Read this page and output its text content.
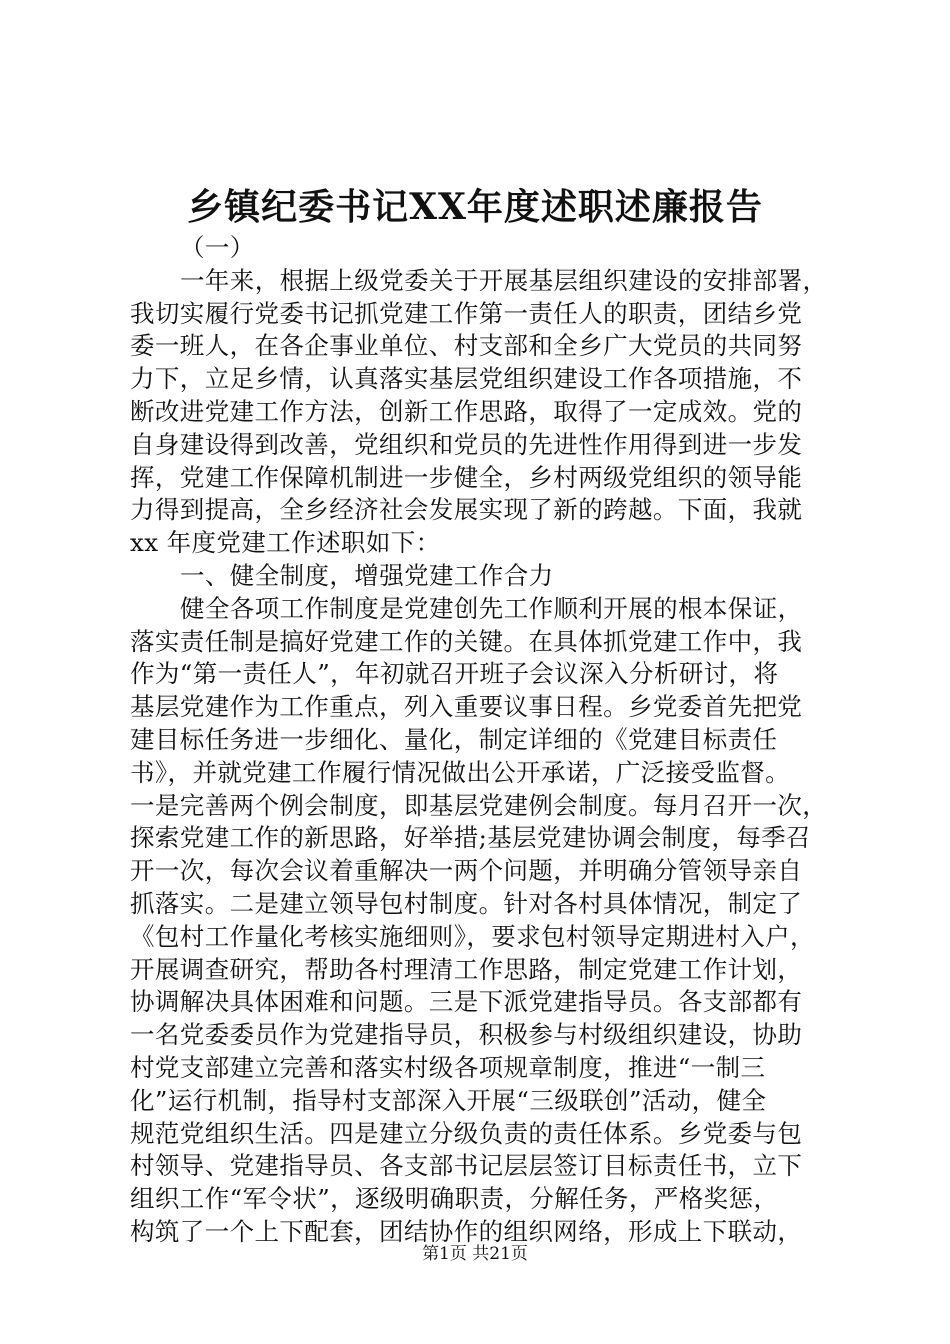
乡镇纪委书记XX年度述职述廉报告
（一）
一年来，根据上级党委关于开展基层组织建设的安排部署，
我切实履行党委书记抓党建工作第一责任人的职责，团结乡党
委一班人，在各企事业单位、村支部和全乡广大党员的共同努
力下，立足乡情，认真落实基层党组织建设工作各项措施，不
断改进党建工作方法，创新工作思路，取得了一定成效。党的
自身建设得到改善，党组织和党员的先进性作用得到进一步发
挥，党建工作保障机制进一步健全，乡村两级党组织的领导能
力得到提高，全乡经济社会发展实现了新的跨越。下面，我就
xx 年度党建工作述职如下：
一、健全制度，增强党建工作合力
健全各项工作制度是党建创先工作顺利开展的根本保证，
落实责任制是搞好党建工作的关键。在具体抓党建工作中，我
作为“第一责任人”，年初就召开班子会议深入分析研讨，将
基层党建作为工作重点，列入重要议事日程。乡党委首先把党
建目标任务进一步细化、量化，制定详细的《党建目标责任
书》，并就党建工作履行情况做出公开承诺，广泛接受监督。
一是完善两个例会制度，即基层党建例会制度。每月召开一次，
探索党建工作的新思路，好举措;基层党建协调会制度，每季召
开一次，每次会议着重解决一两个问题，并明确分管领导亲自
抓落实。二是建立领导包村制度。针对各村具体情况，制定了
《包村工作量化考核实施细则》，要求包村领导定期进村入户，
开展调查研究，帮助各村理清工作思路，制定党建工作计划，
协调解决具体困难和问题。三是下派党建指导员。各支部都有
一名党委委员作为党建指导员，积极参与村级组织建设，协助
村党支部建立完善和落实村级各项规章制度，推进“一制三
化”运行机制，指导村支部深入开展“三级联创”活动，健全
规范党组织生活。四是建立分级负责的责任体系。乡党委与包
村领导、党建指导员、各支部书记层层签订目标责任书，立下
组织工作“军令状”，逐级明确职责，分解任务，严格奖惩，
构筑了一个上下配套，团结协作的组织网络，形成上下联动，
第1页 共21页
